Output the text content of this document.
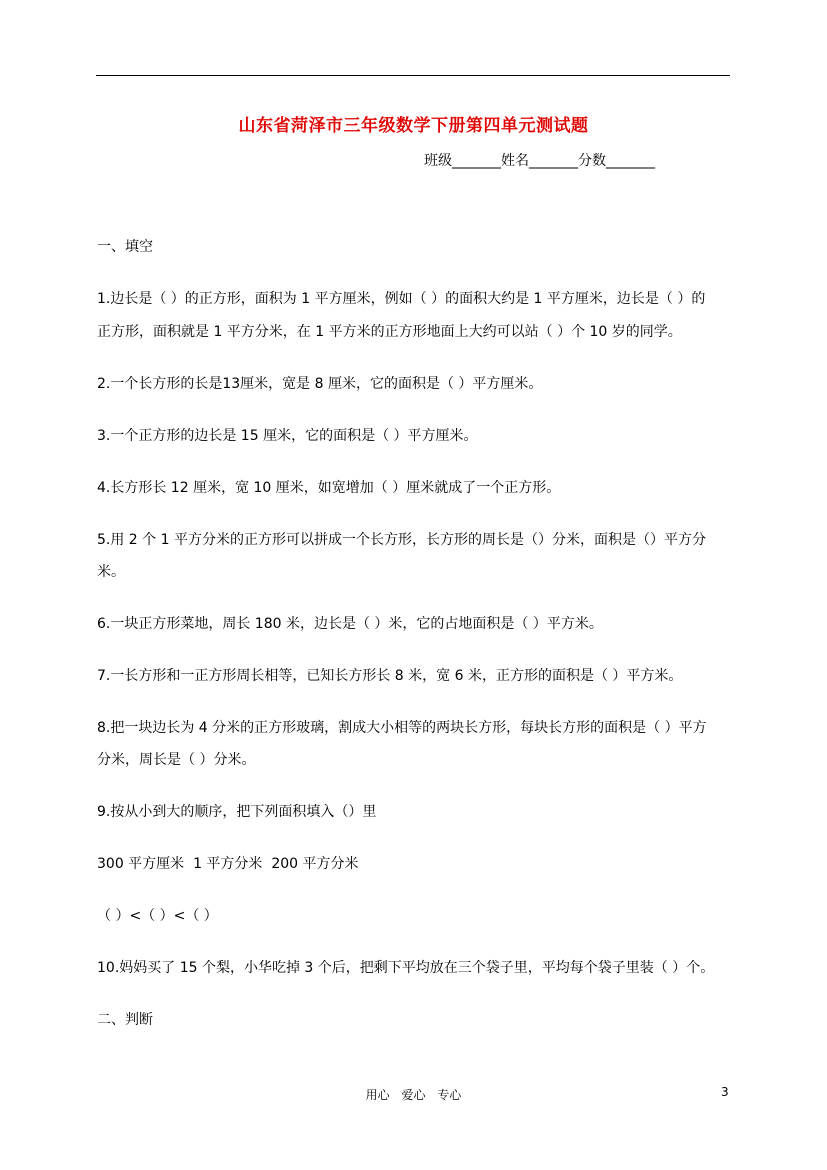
山东省菏泽市三年级数学下册第四单元测试题
班级_______姓名_______分数_______
一、填空
1.边长是（ ）的正方形，面积为 1 平方厘米，例如（ ）的面积大约是 1 平方厘米，边长是（ ）的
正方形，面积就是 1 平方分米，在 1 平方米的正方形地面上大约可以站（ ）个 10 岁的同学。
2.一个长方形的长是13厘米，宽是 8 厘米，它的面积是（ ）平方厘米。
3.一个正方形的边长是 15 厘米，它的面积是（ ）平方厘米。
4.长方形长 12 厘米，宽 10 厘米，如宽增加（ ）厘米就成了一个正方形。
5.用 2 个 1 平方分米的正方形可以拼成一个长方形，长方形的周长是（）分米，面积是（）平方分
米。
6.一块正方形菜地，周长 180 米，边长是（ ）米，它的占地面积是（ ）平方米。
7.一长方形和一正方形周长相等，已知长方形长 8 米，宽 6 米，正方形的面积是（ ）平方米。
8.把一块边长为 4 分米的正方形玻璃，割成大小相等的两块长方形，每块长方形的面积是（ ）平方
分米，周长是（ ）分米。
9.按从小到大的顺序，把下列面积填入（）里
300 平方厘米  1 平方分米  200 平方分米
（ ）<（ ）<（ ）
10.妈妈买了 15 个梨，小华吃掉 3 个后，把剩下平均放在三个袋子里，平均每个袋子里装（ ）个。
二、判断
用心 爱心 专心	3
